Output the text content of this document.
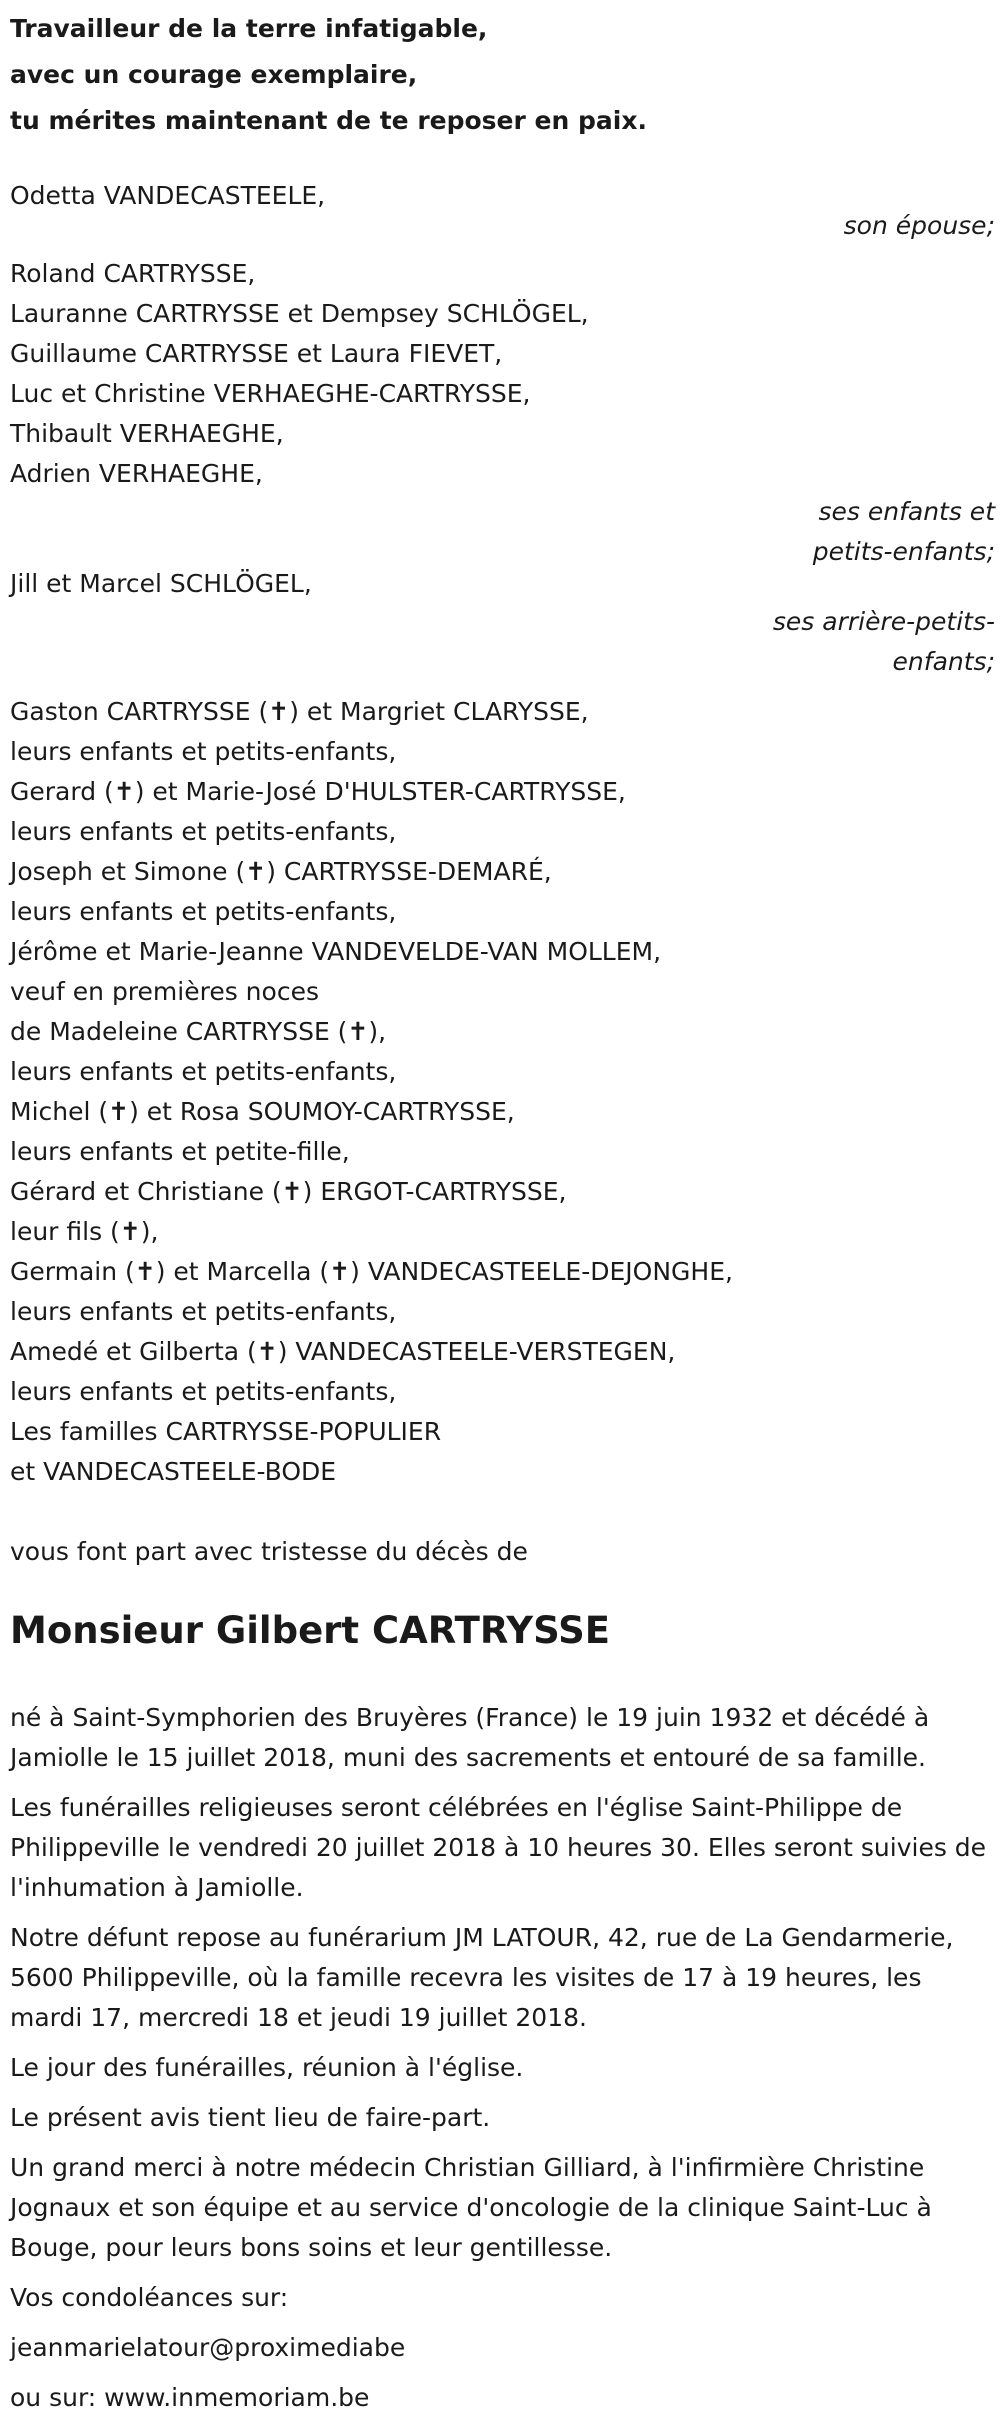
Travailleur de la terre infatigable,
avec un courage exemplaire,
tu mérites maintenant de te reposer en paix.
Odetta VANDECASTEELE,
son épouse;
Roland CARTRYSSE,
Lauranne CARTRYSSE et Dempsey SCHLÖGEL,
Guillaume CARTRYSSE et Laura FIEVET,
Luc et Christine VERHAEGHE-CARTRYSSE,
Thibault VERHAEGHE,
Adrien VERHAEGHE,
ses enfants et
petits-enfants;
Jill et Marcel SCHLÖGEL,
ses arrière-petits-
enfants;
Gaston CARTRYSSE (✝) et Margriet CLARYSSE,
leurs enfants et petits-enfants,
Gerard (✝) et Marie-José D'HULSTER-CARTRYSSE,
leurs enfants et petits-enfants,
Joseph et Simone (✝) CARTRYSSE-DEMARÉ,
leurs enfants et petits-enfants,
Jérôme et Marie-Jeanne VANDEVELDE-VAN MOLLEM,
veuf en premières noces
de Madeleine CARTRYSSE (✝),
leurs enfants et petits-enfants,
Michel (✝) et Rosa SOUMOY-CARTRYSSE,
leurs enfants et petite-fille,
Gérard et Christiane (✝) ERGOT-CARTRYSSE,
leur fils (✝),
Germain (✝) et Marcella (✝) VANDECASTEELE-DEJONGHE,
leurs enfants et petits-enfants,
Amedé et Gilberta (✝) VANDECASTEELE-VERSTEGEN,
leurs enfants et petits-enfants,
Les familles CARTRYSSE-POPULIER
et VANDECASTEELE-BODE
vous font part avec tristesse du décès de
Monsieur Gilbert CARTRYSSE

né à Saint-Symphorien des Bruyères (France) le 19 juin 1932 et décédé à Jamiolle le 15 juillet 2018, muni des sacrements et entouré de sa famille.

Les funérailles religieuses seront célébrées en l'église Saint-Philippe de Philippeville le vendredi 20 juillet 2018 à 10 heures 30. Elles seront suivies de l'inhumation à Jamiolle.

Notre défunt repose au funérarium JM LATOUR, 42, rue de La Gendarmerie, 5600 Philippeville, où la famille recevra les visites de 17 à 19 heures, les mardi 17, mercredi 18 et jeudi 19 juillet 2018.

Le jour des funérailles, réunion à l'église.

Le présent avis tient lieu de faire-part.

Un grand merci à notre médecin Christian Gilliard, à l'infirmière Christine Jognaux et son équipe et au service d'oncologie de la clinique Saint-Luc à Bouge, pour leurs bons soins et leur gentillesse.

Vos condoléances sur:

jeanmarielatour@proximediabe

ou sur: www.inmemoriam.be
